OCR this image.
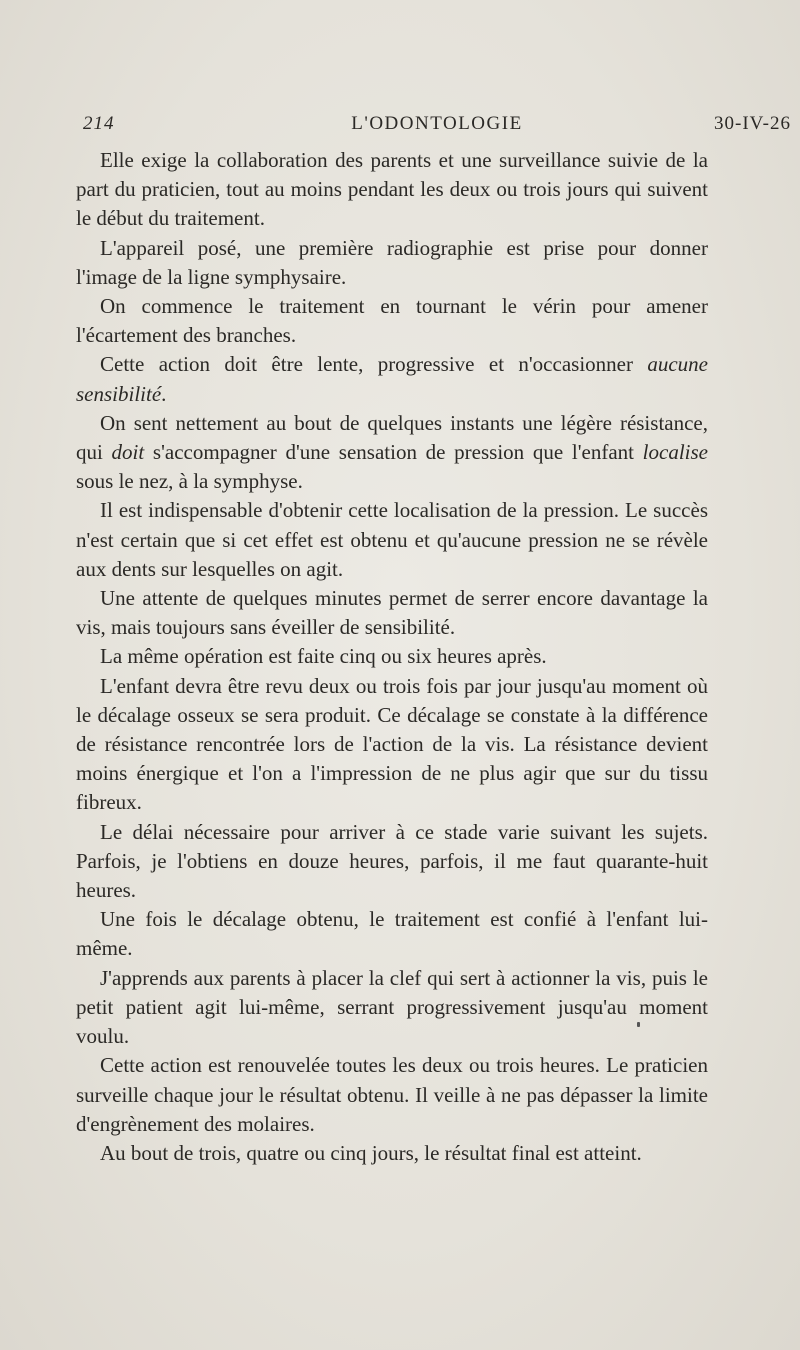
214	L'ODONTOLOGIE	30-IV-26

Elle exige la collaboration des parents et une surveillance suivie de la part du praticien, tout au moins pendant les deux ou trois jours qui suivent le début du traitement.

L'appareil posé, une première radiographie est prise pour donner l'image de la ligne symphysaire.

On commence le traitement en tournant le vérin pour amener l'écartement des branches.

Cette action doit être lente, progressive et n'occasionner aucune sensibilité.

On sent nettement au bout de quelques instants une légère résistance, qui doit s'accompagner d'une sensation de pression que l'enfant localise sous le nez, à la symphyse.

Il est indispensable d'obtenir cette localisation de la pression. Le succès n'est certain que si cet effet est obtenu et qu'aucune pression ne se révèle aux dents sur lesquelles on agit.

Une attente de quelques minutes permet de serrer encore davantage la vis, mais toujours sans éveiller de sensibilité.

La même opération est faite cinq ou six heures après.

L'enfant devra être revu deux ou trois fois par jour jusqu'au moment où le décalage osseux se sera produit. Ce décalage se constate à la différence de résistance rencontrée lors de l'action de la vis. La résistance devient moins énergique et l'on a l'impression de ne plus agir que sur du tissu fibreux.

Le délai nécessaire pour arriver à ce stade varie suivant les sujets. Parfois, je l'obtiens en douze heures, parfois, il me faut quarante-huit heures.

Une fois le décalage obtenu, le traitement est confié à l'enfant lui-même.

J'apprends aux parents à placer la clef qui sert à actionner la vis, puis le petit patient agit lui-même, serrant progressivement jusqu'au moment voulu.

Cette action est renouvelée toutes les deux ou trois heures. Le praticien surveille chaque jour le résultat obtenu. Il veille à ne pas dépasser la limite d'engrènement des molaires.

Au bout de trois, quatre ou cinq jours, le résultat final est atteint.
